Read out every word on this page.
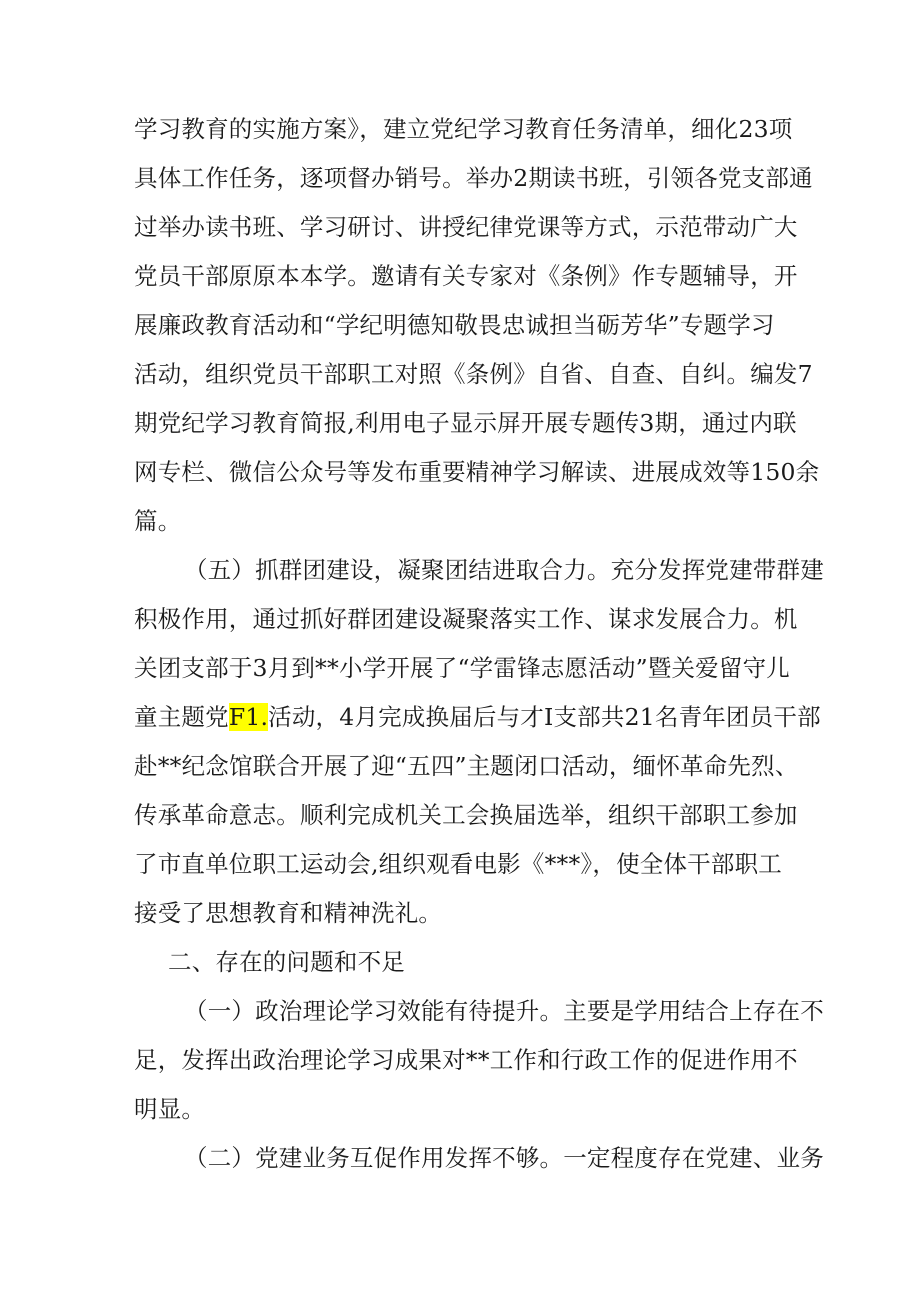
学习教育的实施方案》，建立党纪学习教育任务清单，细化23项
具体工作任务，逐项督办销号。举办2期读书班，引领各党支部通
过举办读书班、学习研讨、讲授纪律党课等方式，示范带动广大
党员干部原原本本学。邀请有关专家对《条例》作专题辅导，开
展廉政教育活动和“学纪明德知敬畏忠诚担当砺芳华”专题学习
活动，组织党员干部职工对照《条例》自省、自查、自纠。编发7
期党纪学习教育简报,利用电子显示屏开展专题传3期，通过内联
网专栏、微信公众号等发布重要精神学习解读、进展成效等150余
篇。
（五）抓群团建设，凝聚团结进取合力。充分发挥党建带群建
积极作用，通过抓好群团建设凝聚落实工作、谋求发展合力。机
关团支部于3月到**小学开展了“学雷锋志愿活动”暨关爱留守儿
童主题党F1.活动，4月完成换届后与才I支部共21名青年团员干部
赴**纪念馆联合开展了迎“五四”主题闭口活动，缅怀革命先烈、
传承革命意志。顺利完成机关工会换届选举，组织干部职工参加
了市直单位职工运动会,组织观看电影《***》，使全体干部职工
接受了思想教育和精神洗礼。
二、存在的问题和不足
（一）政治理论学习效能有待提升。主要是学用结合上存在不
足，发挥出政治理论学习成果对**工作和行政工作的促进作用不
明显。
（二）党建业务互促作用发挥不够。一定程度存在党建、业务
